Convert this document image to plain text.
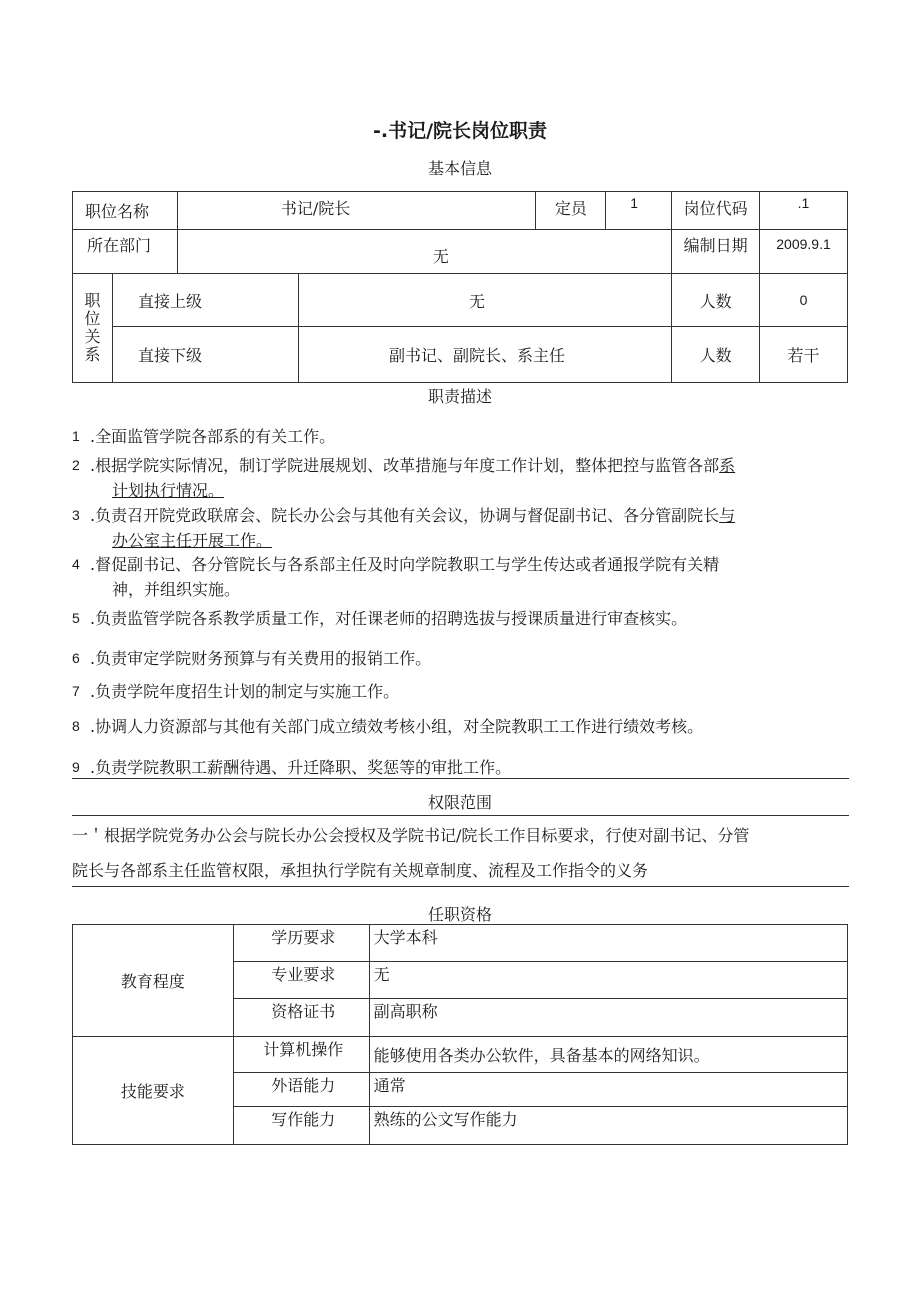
-.书记/院长岗位职责
基本信息
职位名称		书记/院长		定员	1	岗位代码	.1
所在部门		无				编制日期	2009.9.1

职
位
关
系	直接上级		无			人数	0
	直接下级		副书记、副院长、系主任			人数	若干
职责描述
1 .全面监管学院各部系的有关工作。
2 .根据学院实际情况，制订学院进展规划、改革措施与年度工作计划，整体把控与监管各部系
计划执行情况。
3 .负责召开院党政联席会、院长办公会与其他有关会议，协调与督促副书记、各分管副院长与
办公室主任开展工作。
4 .督促副书记、各分管院长与各系部主任及时向学院教职工与学生传达或者通报学院有关精
神，并组织实施。
5 .负责监管学院各系教学质量工作，对任课老师的招聘选拔与授课质量进行审查核实。
6 .负责审定学院财务预算与有关费用的报销工作。
7 .负责学院年度招生计划的制定与实施工作。
8 .协调人力资源部与其他有关部门成立绩效考核小组，对全院教职工工作进行绩效考核。
9 .负责学院教职工薪酬待遇、升迁降职、奖惩等的审批工作。
权限范围
一＇根据学院党务办公会与院长办公会授权及学院书记/院长工作目标要求，行使对副书记、分管
院长与各部系主任监管权限，承担执行学院有关规章制度、流程及工作指令的义务
任职资格
教育程度	学历要求	大学本科
	专业要求	无
	资格证书	副高职称
技能要求	计算机操作	能够使用各类办公软件，具备基本的网络知识。
	外语能力	通常
	写作能力	熟练的公文写作能力
